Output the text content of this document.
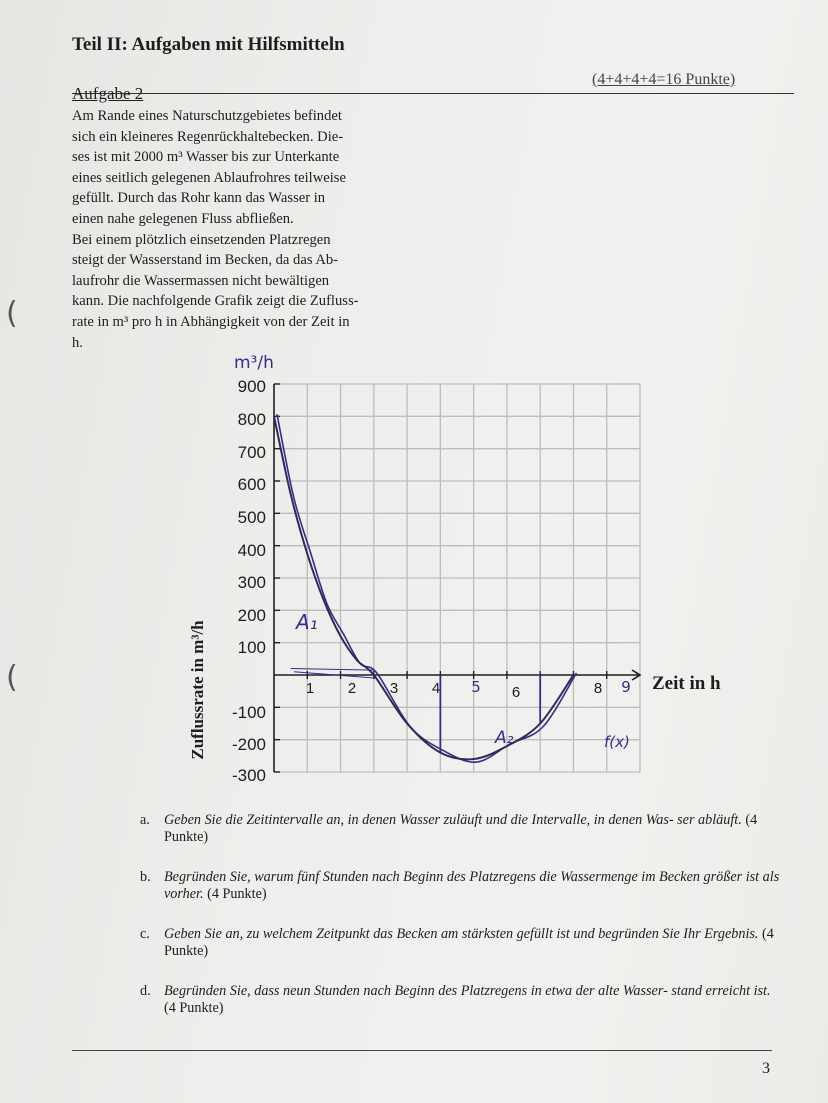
Teil II: Aufgaben mit Hilfsmitteln
(4+4+4+4=16 Punkte)
Aufgabe 2

Am Rande eines Naturschutzgebietes befindet

sich ein kleineres Regenrückhaltebecken. Die-

ses ist mit 2000 m³ Wasser bis zur Unterkante

eines seitlich gelegenen Ablaufrohres teilweise

gefüllt. Durch das Rohr kann das Wasser in

einen nahe gelegenen Fluss abfließen.

Bei einem plötzlich einsetzenden Platzregen

steigt der Wasserstand im Becken, da das Ab-

laufrohr die Wassermassen nicht bewältigen

kann. Die nachfolgende Grafik zeigt die Zufluss-

rate in m³ pro h in Abhängigkeit von der Zeit in

h.

(
(
m³/h
Zuflussrate in m³/h
900
800
700
600
500
400
300
200
100
-100
-200
-300
1	2	3	4	5	6	8	9 Zeit in h
A₁
A₂	f(x)
a. Geben Sie die Zeitintervalle an, in denen Wasser zuläuft und die Intervalle, in denen Was- ser abläuft. (4 Punkte)
b. Begründen Sie, warum fünf Stunden nach Beginn des Platzregens die Wassermenge im Becken größer ist als vorher. (4 Punkte)
c. Geben Sie an, zu welchem Zeitpunkt das Becken am stärksten gefüllt ist und begründen Sie Ihr Ergebnis. (4 Punkte)
d. Begründen Sie, dass neun Stunden nach Beginn des Platzregens in etwa der alte Wasser- stand erreicht ist. (4 Punkte)
3
